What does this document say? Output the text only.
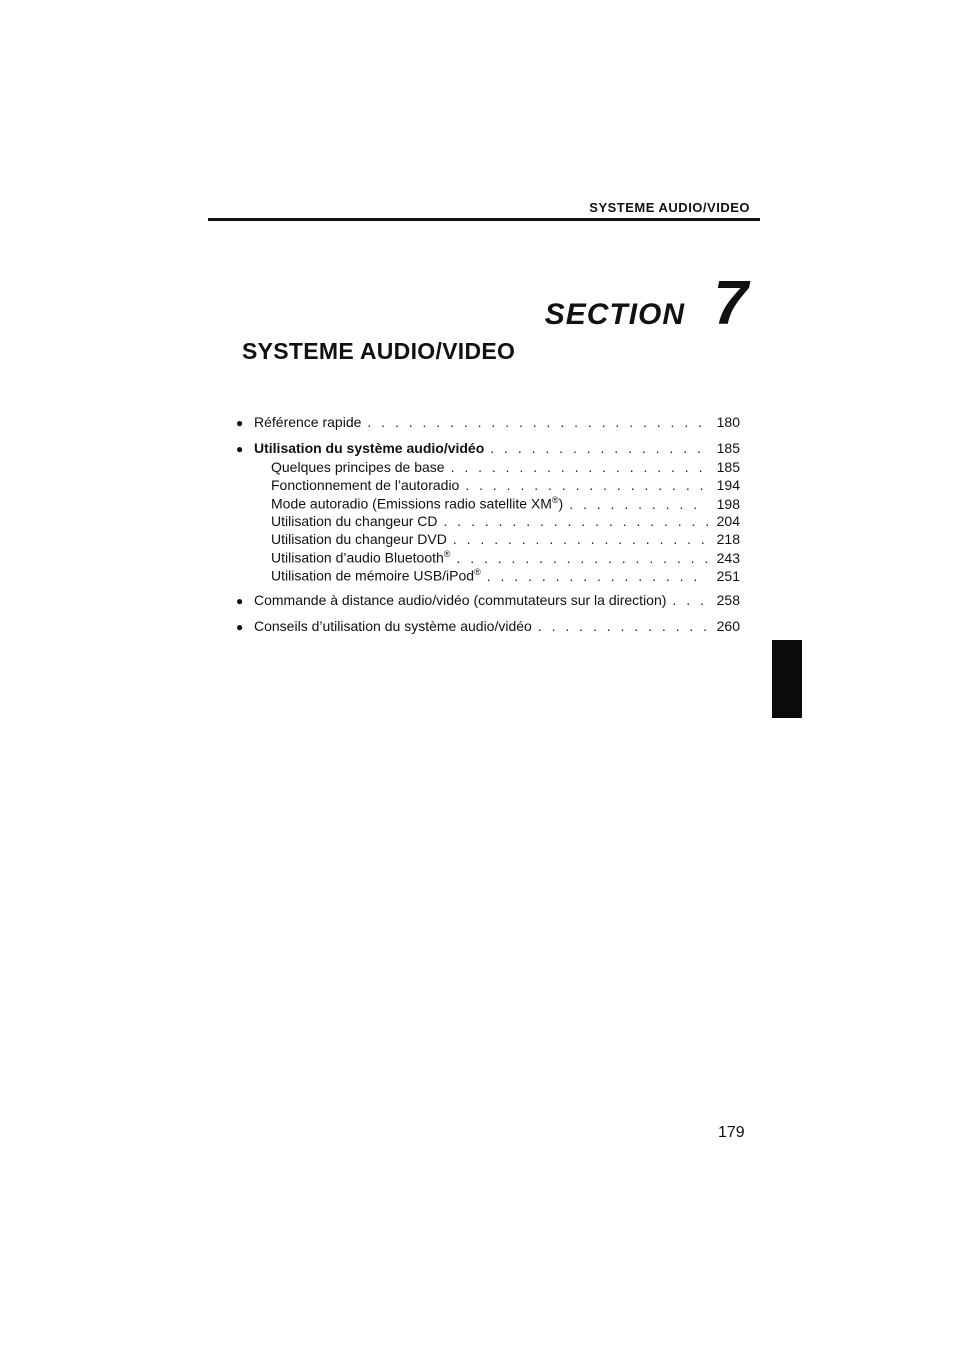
SYSTEME AUDIO/VIDEO
SECTION 7
SYSTEME AUDIO/VIDEO
● Référence rapide . . .	180
● Utilisation du système audio/vidéo . . .	185
Quelques principes de base . . .	185
Fonctionnement de l’autoradio . . .	194
Mode autoradio (Emissions radio satellite XM®) . . .	198
Utilisation du changeur CD . . .	204
Utilisation du changeur DVD . . .	218
Utilisation d’audio Bluetooth® . . .	243
Utilisation de mémoire USB/iPod® . . .	251
● Commande à distance audio/vidéo (commutateurs sur la direction) . . .	258
● Conseils d’utilisation du système audio/vidéo . . .	260
179
